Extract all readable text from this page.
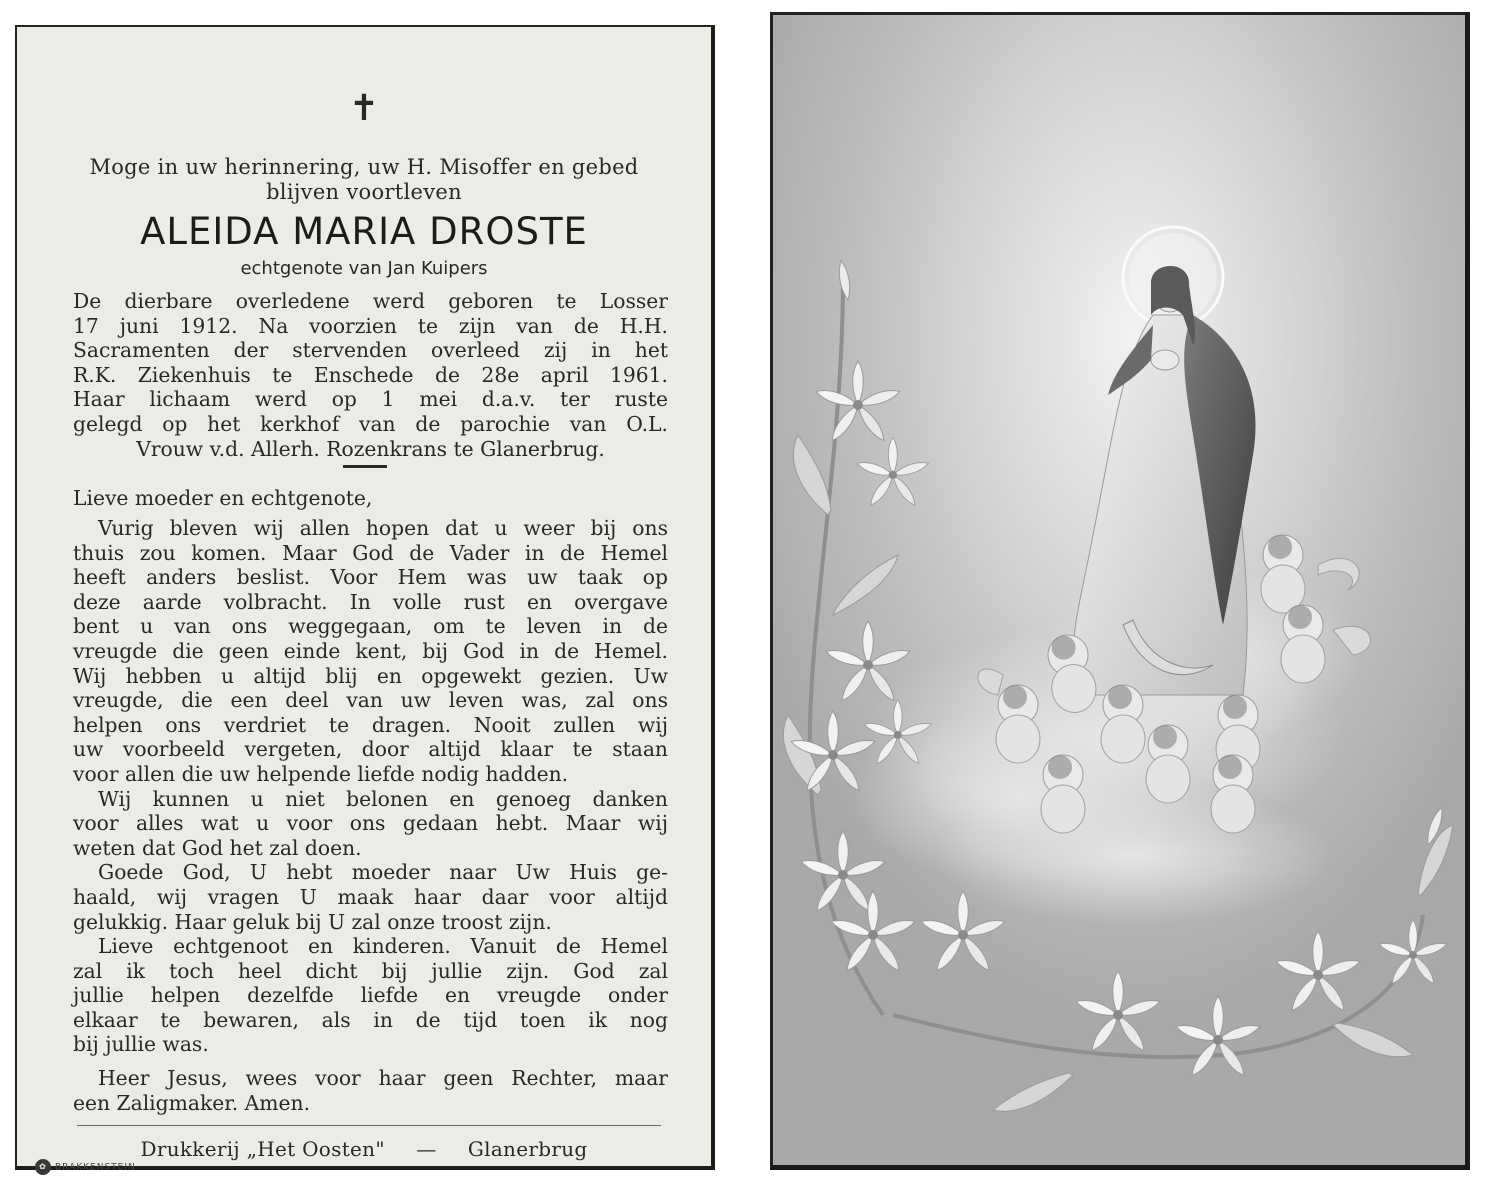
✝
Moge in uw herinnering, uw H. Misoffer en gebed
blijven voortleven
ALEIDA MARIA DROSTE
echtgenote van Jan Kuipers
De dierbare overledene werd geboren te Losser
17 juni 1912. Na voorzien te zijn van de H.H.
Sacramenten der stervenden overleed zij in het
R.K. Ziekenhuis te Enschede de 28e april 1961.
Haar lichaam werd op 1 mei d.a.v. ter ruste
gelegd op het kerkhof van de parochie van O.L.
Vrouw v.d. Allerh. Rozenkrans te Glanerbrug.
Lieve moeder en echtgenote,
Vurig bleven wij allen hopen dat u weer bij ons
thuis zou komen. Maar God de Vader in de Hemel
heeft anders beslist. Voor Hem was uw taak op
deze aarde volbracht. In volle rust en overgave
bent u van ons weggegaan, om te leven in de
vreugde die geen einde kent, bij God in de Hemel.
Wij hebben u altijd blij en opgewekt gezien. Uw
vreugde, die een deel van uw leven was, zal ons
helpen ons verdriet te dragen. Nooit zullen wij
uw voorbeeld vergeten, door altijd klaar te staan
voor allen die uw helpende liefde nodig hadden.
Wij kunnen u niet belonen en genoeg danken
voor alles wat u voor ons gedaan hebt. Maar wij
weten dat God het zal doen.
Goede God, U hebt moeder naar Uw Huis ge-
haald, wij vragen U maak haar daar voor altijd
gelukkig. Haar geluk bij U zal onze troost zijn.
Lieve echtgenoot en kinderen. Vanuit de Hemel
zal ik toch heel dicht bij jullie zijn. God zal
jullie helpen dezelfde liefde en vreugde onder
elkaar te bewaren, als in de tijd toen ik nog
bij jullie was.
Heer Jesus, wees voor haar geen Rechter, maar
een Zaligmaker. Amen.
Drukkerij „Het Oosten" — Glanerbrug
✿ BRAKKENSTEIN
